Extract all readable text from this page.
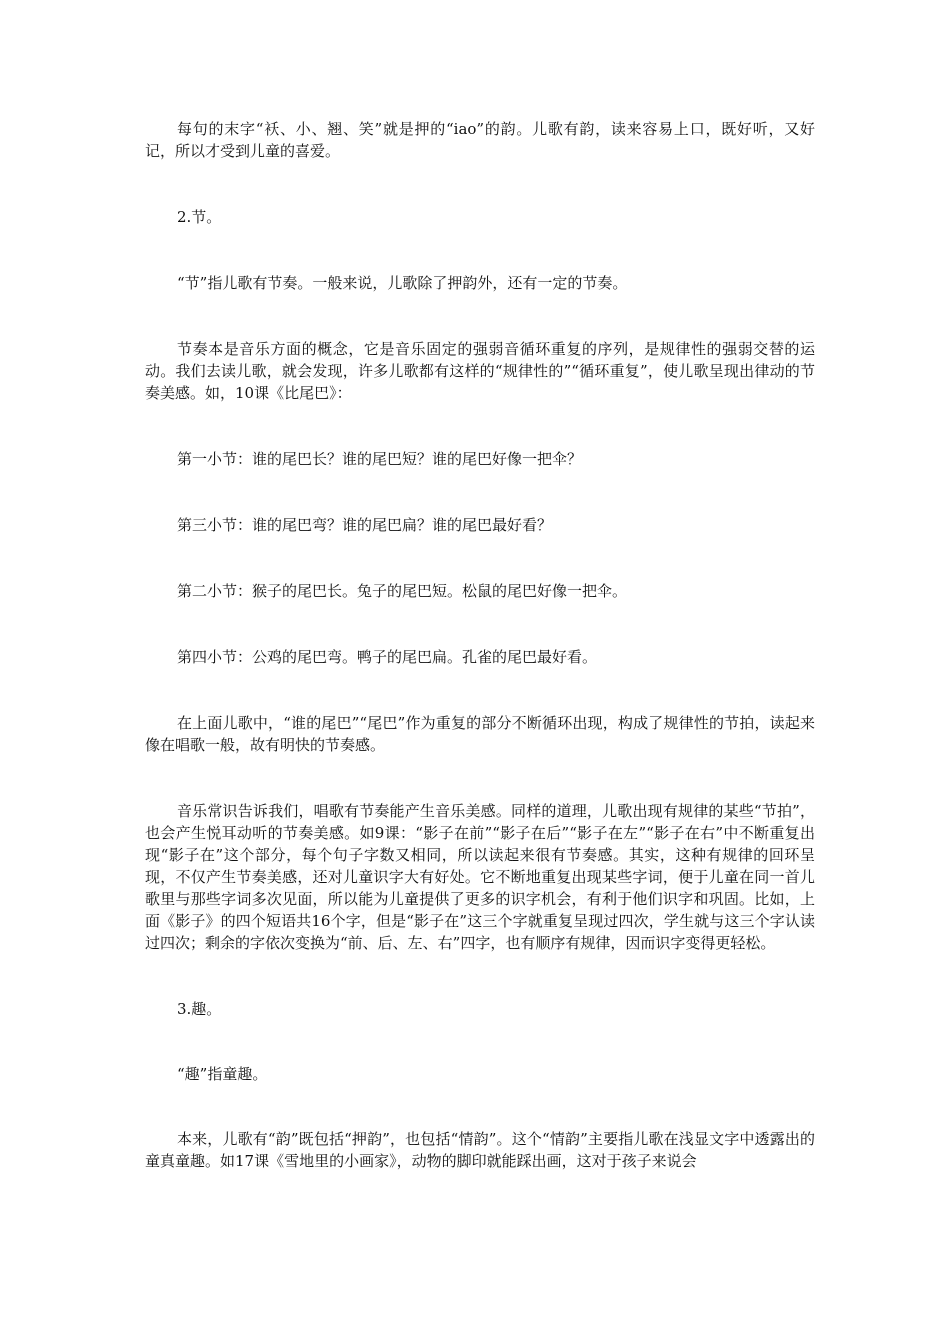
每句的末字“袄、小、翘、笑”就是押的“iao”的韵。儿歌有韵，读来容易上口，既好听，又好记，所以才受到儿童的喜爱。

2.节。

“节”指儿歌有节奏。一般来说，儿歌除了押韵外，还有一定的节奏。

节奏本是音乐方面的概念，它是音乐固定的强弱音循环重复的序列，是规律性的强弱交替的运动。我们去读儿歌，就会发现，许多儿歌都有这样的“规律性的”“循环重复”，使儿歌呈现出律动的节奏美感。如，10课《比尾巴》：

第一小节：谁的尾巴长？谁的尾巴短？谁的尾巴好像一把伞？

第三小节：谁的尾巴弯？谁的尾巴扁？谁的尾巴最好看？

第二小节：猴子的尾巴长。兔子的尾巴短。松鼠的尾巴好像一把伞。

第四小节：公鸡的尾巴弯。鸭子的尾巴扁。孔雀的尾巴最好看。

在上面儿歌中，“谁的尾巴”“尾巴”作为重复的部分不断循环出现，构成了规律性的节拍，读起来像在唱歌一般，故有明快的节奏感。

音乐常识告诉我们，唱歌有节奏能产生音乐美感。同样的道理，儿歌出现有规律的某些“节拍”，也会产生悦耳动听的节奏美感。如9课：“影子在前”“影子在后”“影子在左”“影子在右”中不断重复出现“影子在”这个部分，每个句子字数又相同，所以读起来很有节奏感。其实，这种有规律的回环呈现，不仅产生节奏美感，还对儿童识字大有好处。它不断地重复出现某些字词，便于儿童在同一首儿歌里与那些字词多次见面，所以能为儿童提供了更多的识字机会，有利于他们识字和巩固。比如，上面《影子》的四个短语共16个字，但是“影子在”这三个字就重复呈现过四次，学生就与这三个字认读过四次；剩余的字依次变换为“前、后、左、右”四字，也有顺序有规律，因而识字变得更轻松。

3.趣。

“趣”指童趣。

本来，儿歌有“韵”既包括“押韵”，也包括“情韵”。这个“情韵”主要指儿歌在浅显文字中透露出的童真童趣。如17课《雪地里的小画家》，动物的脚印就能踩出画，这对于孩子来说会
